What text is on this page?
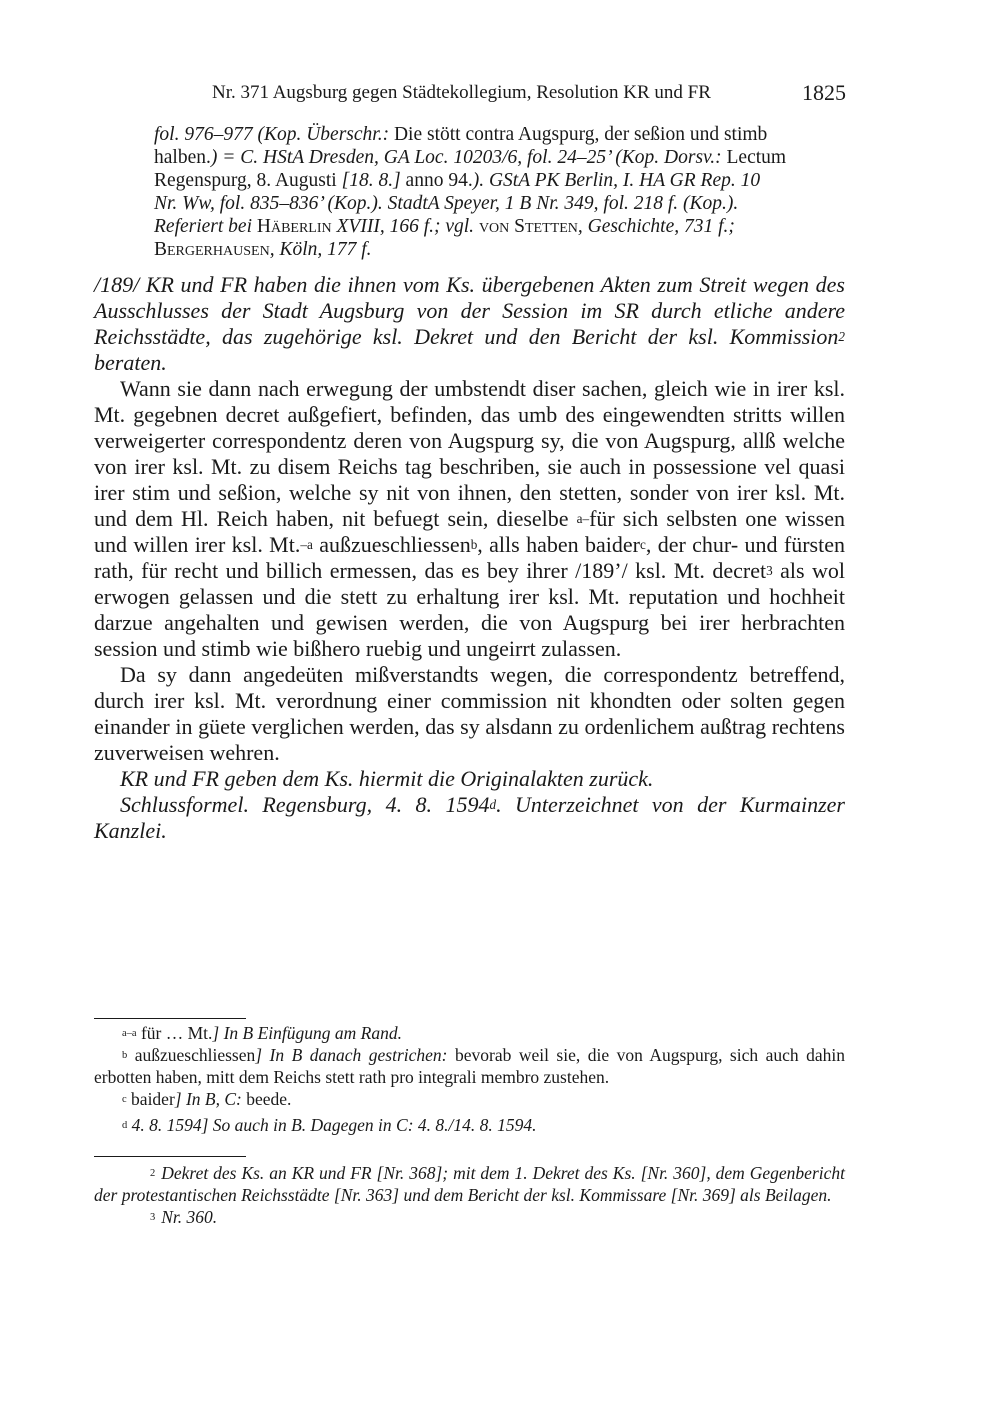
Nr. 371 Augsburg gegen Städtekollegium, Resolution KR und FR	1825
fol. 976–977 (Kop. Überschr.: Die stött contra Augspurg, der seßion und stimb
halben.) = C. HStA Dresden, GA Loc. 10203/6, fol. 24–25’ (Kop. Dorsv.: Lectum
Regenspurg, 8. Augusti [18. 8.] anno 94.). GStA PK Berlin, I. HA GR Rep. 10
Nr. Ww, fol. 835–836’ (Kop.). StadtA Speyer, 1 B Nr. 349, fol. 218 f. (Kop.).
Referiert bei Häberlin XVIII, 166 f.; vgl. von Stetten, Geschichte, 731 f.;
Bergerhausen, Köln, 177 f.

/189/ KR und FR haben die ihnen vom Ks. übergebenen Akten zum Streit wegen des Ausschlusses der Stadt Augsburg von der Session im SR durch etliche andere Reichsstädte, das zugehörige ksl. Dekret und den Bericht der ksl. Kommission$^2$ beraten.

Wann sie dann nach erwegung der umbstendt diser sachen, gleich wie in irer ksl. Mt. gegebnen decret außgefiert, befinden, das umb des eingewendten stritts willen verweigerter correspondentz deren von Augspurg sy, die von Augspurg, allß welche von irer ksl. Mt. zu disem Reichs tag beschriben, sie auch in possessione vel quasi irer stim und seßion, welche sy nit von ihnen, den stetten, sonder von irer ksl. Mt. und dem Hl. Reich haben, nit befuegt sein, dieselbe $^{a-}$für sich selbsten one wissen und willen irer ksl. Mt.$^{-a}$ außzueschliessen$^b$, alls haben baider$^c$, der chur- und fürsten rath, für recht und billich ermessen, das es bey ihrer /189’/ ksl. Mt. decret$^3$ als wol erwogen gelassen und die stett zu erhaltung irer ksl. Mt. reputation und hochheit darzue angehalten und gewisen werden, die von Augspurg bei irer herbrachten session und stimb wie bißhero ruebig und ungeirrt zulassen.

Da sy dann angedeüten mißverstandts wegen, die correspondentz betreffend, durch irer ksl. Mt. verordnung einer commission nit khondten oder solten gegen einander in güete verglichen werden, das sy alsdann zu ordenlichem außtrag rechtens zuverweisen wehren.

KR und FR geben dem Ks. hiermit die Originalakten zurück.

Schlussformel. Regensburg, 4. 8. 1594$^d$. Unterzeichnet von der Kurmainzer Kanzlei.

$^{a-a}$ für … Mt.] In B Einfügung am Rand.

$^b$ außzueschliessen] In B danach gestrichen: bevorab weil sie, die von Augspurg, sich auch dahin erbotten haben, mitt dem Reichs stett rath pro integrali membro zustehen.

$^c$ baider] In B, C: beede.

$^d$ 4. 8. 1594] So auch in B. Dagegen in C: 4. 8./14. 8. 1594.

$^2$ Dekret des Ks. an KR und FR [Nr. 368]; mit dem 1. Dekret des Ks. [Nr. 360], dem Gegenbericht der protestantischen Reichsstädte [Nr. 363] und dem Bericht der ksl. Kommissare [Nr. 369] als Beilagen.

$^3$ Nr. 360.
